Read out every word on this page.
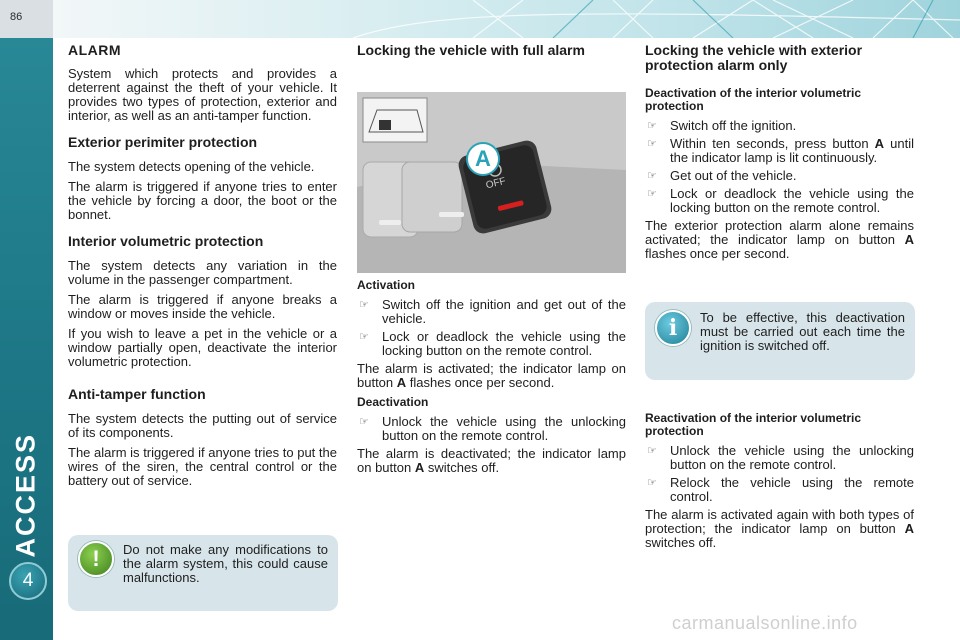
86
ACCESS
4
ALARM

System which protects and provides a deterrent against the theft of your vehicle. It provides two types of protection, exterior and interior, as well as an anti-tamper function.

Exterior perimiter protection

The system detects opening of the vehicle.

The alarm is triggered if anyone tries to enter the vehicle by forcing a door, the boot or the bonnet.

Interior volumetric protection

The system detects any variation in the volume in the passenger compartment.

The alarm is triggered if anyone breaks a window or moves inside the vehicle.

If you wish to leave a pet in the vehicle or a window partially open, deactivate the interior volumetric protection.

Anti-tamper function

The system detects the putting out of service of its components.

The alarm is triggered if anyone tries to put the wires of the siren, the central control or the battery out of service.

!	Do not make any modifications to the alarm system, this could cause malfunctions.
Locking the vehicle with full alarm
OFF
A
Activation
☞ Switch off the ignition and get out of the vehicle.
☞ Lock or deadlock the vehicle using the locking button on the remote control.

The alarm is activated; the indicator lamp on button A flashes once per second.

Deactivation
☞ Unlock the vehicle using the unlocking button on the remote control.

The alarm is deactivated; the indicator lamp on button A switches off.

Locking the vehicle with exterior protection alarm only
Deactivation of the interior volumetric protection
☞ Switch off the ignition.
☞ Within ten seconds, press button A until the indicator lamp is lit continuously.
☞ Get out of the vehicle.
☞ Lock or deadlock the vehicle using the locking button on the remote control.

The exterior protection alarm alone remains activated; the indicator lamp on button A flashes once per second.

i	To be effective, this deactivation must be carried out each time the ignition is switched off.
Reactivation of the interior volumetric protection
☞ Unlock the vehicle using the unlocking button on the remote control.
☞ Relock the vehicle using the remote control.

The alarm is activated again with both types of protection; the indicator lamp on button A switches off.

carmanualsonline.info
